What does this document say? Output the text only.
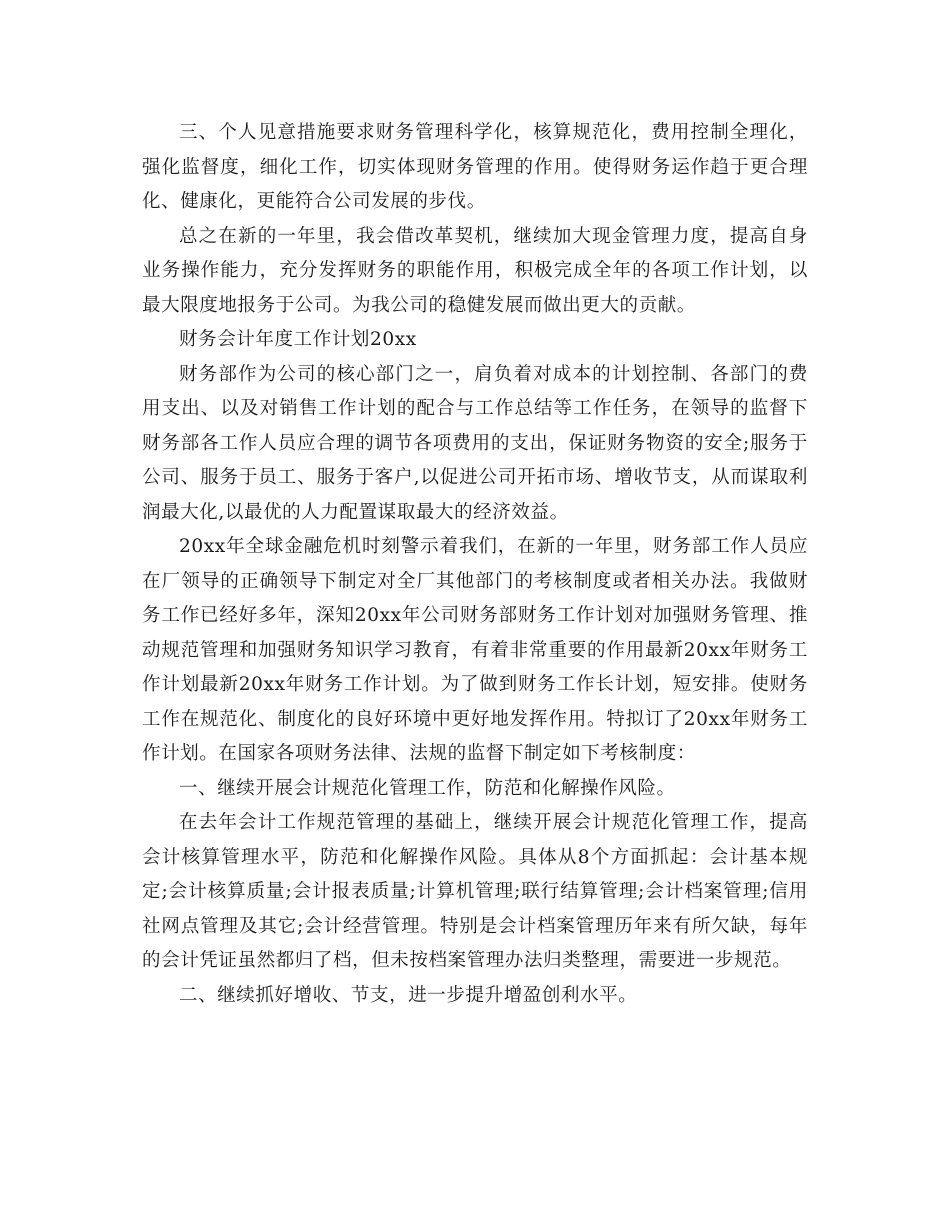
三、个人见意措施要求财务管理科学化，核算规范化，费用控制全理化，强化监督度，细化工作，切实体现财务管理的作用。使得财务运作趋于更合理化、健康化，更能符合公司发展的步伐。

总之在新的一年里，我会借改革契机，继续加大现金管理力度，提高自身业务操作能力，充分发挥财务的职能作用，积极完成全年的各项工作计划，以最大限度地报务于公司。为我公司的稳健发展而做出更大的贡献。

财务会计年度工作计划20xx

财务部作为公司的核心部门之一，肩负着对成本的计划控制、各部门的费用支出、以及对销售工作计划的配合与工作总结等工作任务，在领导的监督下财务部各工作人员应合理的调节各项费用的支出，保证财务物资的安全;服务于公司、服务于员工、服务于客户,以促进公司开拓市场、增收节支，从而谋取利润最大化,以最优的人力配置谋取最大的经济效益。

20xx年全球金融危机时刻警示着我们，在新的一年里，财务部工作人员应在厂领导的正确领导下制定对全厂其他部门的考核制度或者相关办法。我做财务工作已经好多年，深知20xx年公司财务部财务工作计划对加强财务管理、推动规范管理和加强财务知识学习教育，有着非常重要的作用最新20xx年财务工作计划最新20xx年财务工作计划。为了做到财务工作长计划，短安排。使财务工作在规范化、制度化的良好环境中更好地发挥作用。特拟订了20xx年财务工作计划。在国家各项财务法律、法规的监督下制定如下考核制度：

一、继续开展会计规范化管理工作，防范和化解操作风险。

在去年会计工作规范管理的基础上，继续开展会计规范化管理工作，提高会计核算管理水平，防范和化解操作风险。具体从8个方面抓起：会计基本规定;会计核算质量;会计报表质量;计算机管理;联行结算管理;会计档案管理;信用社网点管理及其它;会计经营管理。特别是会计档案管理历年来有所欠缺，每年的会计凭证虽然都归了档，但未按档案管理办法归类整理，需要进一步规范。

二、继续抓好增收、节支，进一步提升增盈创利水平。
